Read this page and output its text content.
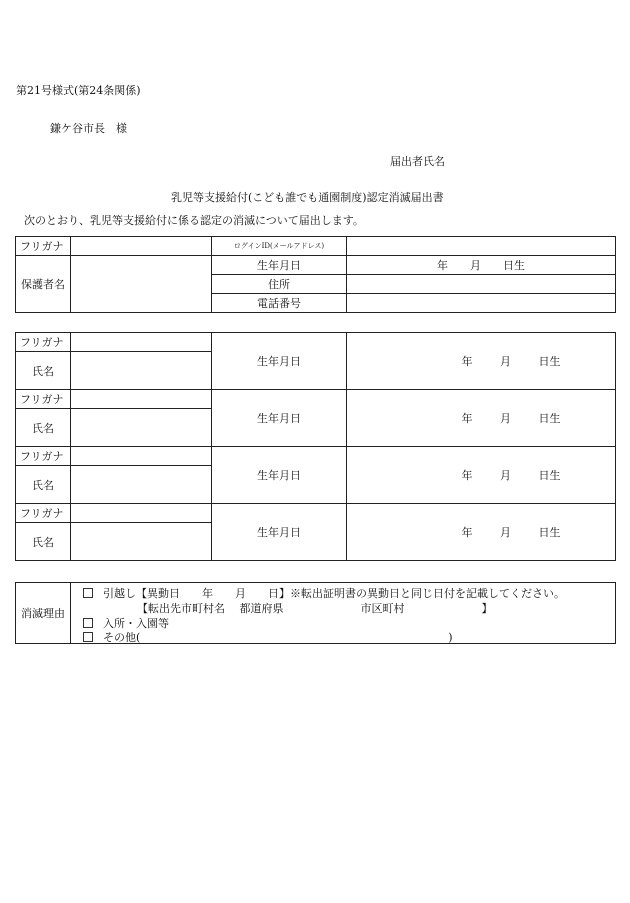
第21号様式(第24条関係)
鎌ケ谷市長　様
届出者氏名
乳児等支援給付(こども誰でも通園制度)認定消滅届出書
次のとおり、乳児等支援給付に係る認定の消滅について届出します。
フリガナ		ログインID(メールアドレス)	
保護者名		生年月日	年　　月　　日生
		住所	
		電話番号	
フリガナ		生年月日	年 月 日生
氏名			
フリガナ		生年月日	年 月 日生
氏名			
フリガナ		生年月日	年 月 日生
氏名			
フリガナ		生年月日	年 月 日生
氏名			
消滅理由	
引越し【異動日　　年　　月　　日】※転出証明書の異動日と同じ日付を記載してください。
【転出先市町村名　 都道府県　　　　　　　市区町村　　　　　　　】
入所・入園等
その他(　　　　　　　　　　　　　　　　　　　　　　　　　　　　)
